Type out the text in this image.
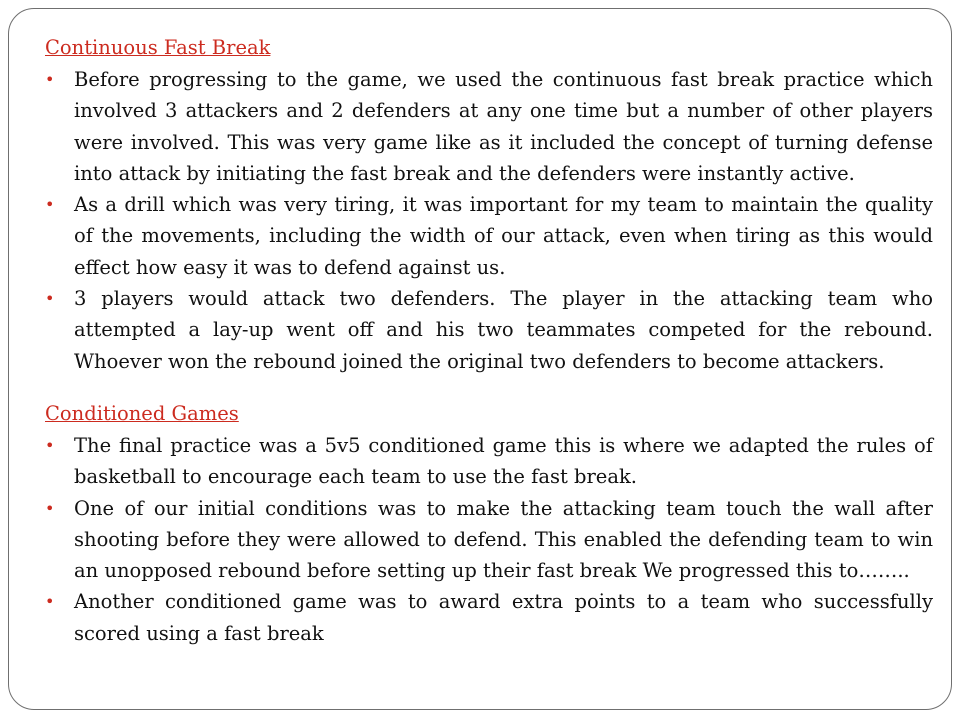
Continuous Fast Break
• Before progressing to the game, we used the continuous fast break practice which involved 3 attackers and 2 defenders at any one time but a number of other players were involved. This was very game like as it included the concept of turning defense into attack by initiating the fast break and the defenders were instantly active.
• As a drill which was very tiring, it was important for my team to maintain the quality of the movements, including the width of our attack, even when tiring as this would effect how easy it was to defend against us.
• 3 players would attack two defenders. The player in the attacking team who attempted a lay-up went off and his two teammates competed for the rebound. Whoever won the rebound joined the original two defenders to become attackers.
Conditioned Games
• The final practice was a 5v5 conditioned game this is where we adapted the rules of basketball to encourage each team to use the fast break.
• One of our initial conditions was to make the attacking team touch the wall after shooting before they were allowed to defend. This enabled the defending team to win an unopposed rebound before setting up their fast break We progressed this to……..
• Another conditioned game was to award extra points to a team who successfully scored using a fast break
